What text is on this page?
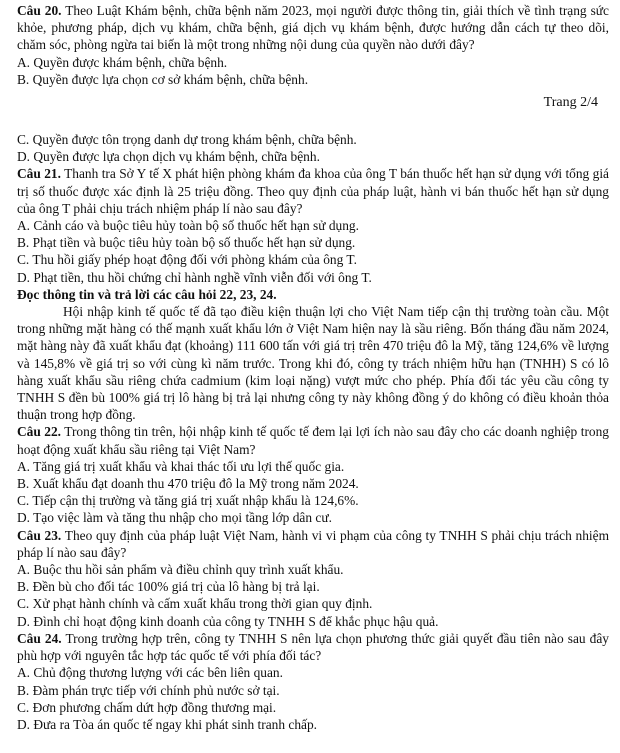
Câu 20. Theo Luật Khám bệnh, chữa bệnh năm 2023, mọi người được thông tin, giải thích về tình trạng sức khỏe, phương pháp, dịch vụ khám, chữa bệnh, giá dịch vụ khám bệnh, được hướng dẫn cách tự theo dõi, chăm sóc, phòng ngừa tai biến là một trong những nội dung của quyền nào dưới đây?

A. Quyền được khám bệnh, chữa bệnh.

B. Quyền được lựa chọn cơ sở khám bệnh, chữa bệnh.

Trang 2/4

C. Quyền được tôn trọng danh dự trong khám bệnh, chữa bệnh.

D. Quyền được lựa chọn dịch vụ khám bệnh, chữa bệnh.

Câu 21. Thanh tra Sở Y tế X phát hiện phòng khám đa khoa của ông T bán thuốc hết hạn sử dụng với tổng giá trị số thuốc được xác định là 25 triệu đồng. Theo quy định của pháp luật, hành vi bán thuốc hết hạn sử dụng của ông T phải chịu trách nhiệm pháp lí nào sau đây?

A. Cảnh cáo và buộc tiêu hủy toàn bộ số thuốc hết hạn sử dụng.

B. Phạt tiền và buộc tiêu hủy toàn bộ số thuốc hết hạn sử dụng.

C. Thu hồi giấy phép hoạt động đối với phòng khám của ông T.

D. Phạt tiền, thu hồi chứng chỉ hành nghề vĩnh viễn đối với ông T.

Đọc thông tin và trả lời các câu hỏi 22, 23, 24.

Hội nhập kinh tế quốc tế đã tạo điều kiện thuận lợi cho Việt Nam tiếp cận thị trường toàn cầu. Một trong những mặt hàng có thế mạnh xuất khẩu lớn ở Việt Nam hiện nay là sầu riêng. Bốn tháng đầu năm 2024, mặt hàng này đã xuất khẩu đạt (khoảng) 111 600 tấn với giá trị trên 470 triệu đô la Mỹ, tăng 124,6% về lượng và 145,8% về giá trị so với cùng kì năm trước. Trong khi đó, công ty trách nhiệm hữu hạn (TNHH) S có lô hàng xuất khẩu sầu riêng chứa cadmium (kim loại nặng) vượt mức cho phép. Phía đối tác yêu cầu công ty TNHH S đền bù 100% giá trị lô hàng bị trả lại nhưng công ty này không đồng ý do không có điều khoản thỏa thuận trong hợp đồng.

Câu 22. Trong thông tin trên, hội nhập kinh tế quốc tế đem lại lợi ích nào sau đây cho các doanh nghiệp trong hoạt động xuất khẩu sầu riêng tại Việt Nam?

A. Tăng giá trị xuất khẩu và khai thác tối ưu lợi thế quốc gia.

B. Xuất khẩu đạt doanh thu 470 triệu đô la Mỹ trong năm 2024.

C. Tiếp cận thị trường và tăng giá trị xuất nhập khẩu là 124,6%.

D. Tạo việc làm và tăng thu nhập cho mọi tầng lớp dân cư.

Câu 23. Theo quy định của pháp luật Việt Nam, hành vi vi phạm của công ty TNHH S phải chịu trách nhiệm pháp lí nào sau đây?

A. Buộc thu hồi sản phẩm và điều chỉnh quy trình xuất khẩu.

B. Đền bù cho đối tác 100% giá trị của lô hàng bị trả lại.

C. Xử phạt hành chính và cấm xuất khẩu trong thời gian quy định.

D. Đình chỉ hoạt động kinh doanh của công ty TNHH S để khắc phục hậu quả.

Câu 24. Trong trường hợp trên, công ty TNHH S nên lựa chọn phương thức giải quyết đầu tiên nào sau đây phù hợp với nguyên tắc hợp tác quốc tế với phía đối tác?

A. Chủ động thương lượng với các bên liên quan.

B. Đàm phán trực tiếp với chính phủ nước sở tại.

C. Đơn phương chấm dứt hợp đồng thương mại.

D. Đưa ra Tòa án quốc tế ngay khi phát sinh tranh chấp.
